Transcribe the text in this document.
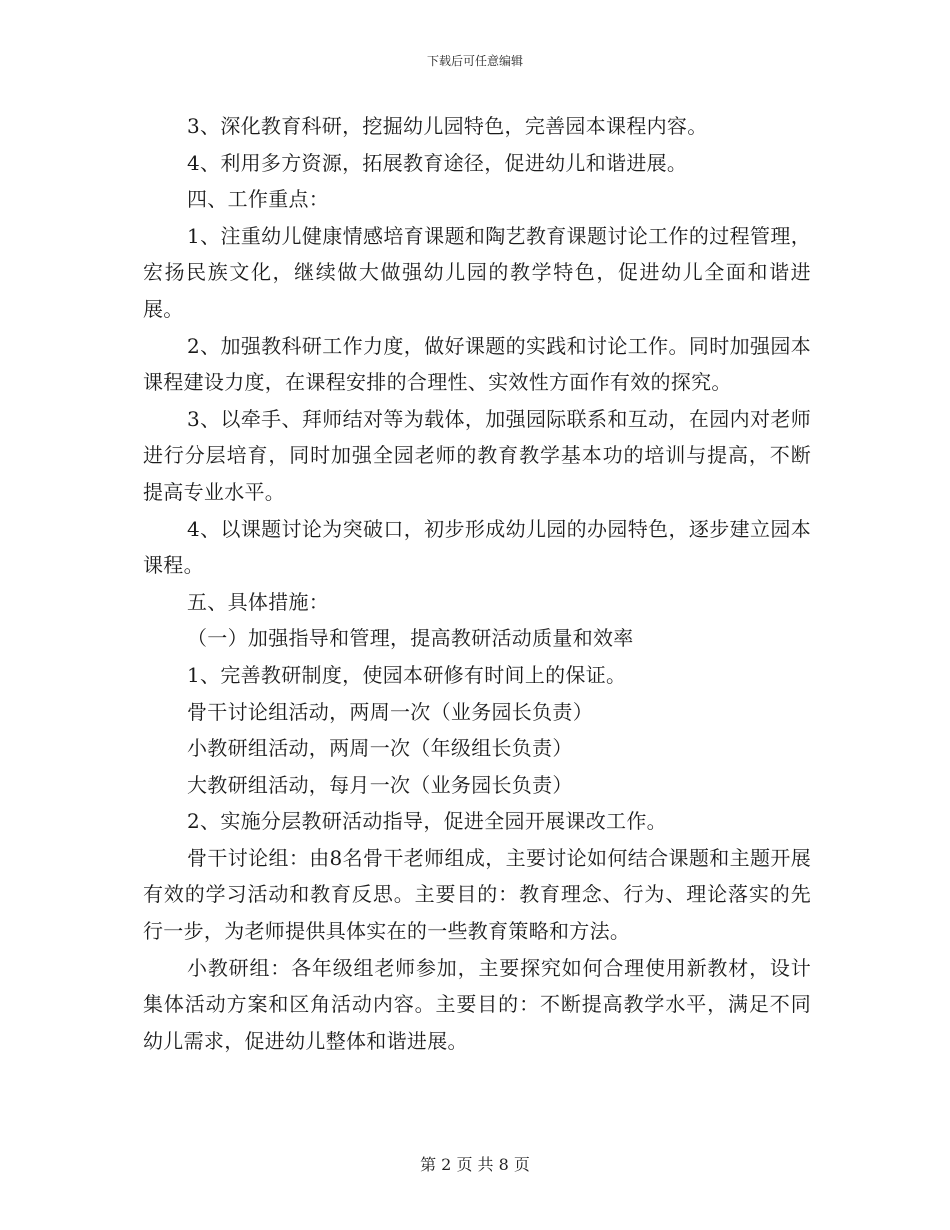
下载后可任意编辑

3、深化教育科研，挖掘幼儿园特色，完善园本课程内容。

4、利用多方资源，拓展教育途径，促进幼儿和谐进展。

四、工作重点：

1、注重幼儿健康情感培育课题和陶艺教育课题讨论工作的过程管理，宏扬民族文化，继续做大做强幼儿园的教学特色，促进幼儿全面和谐进展。

2、加强教科研工作力度，做好课题的实践和讨论工作。同时加强园本课程建设力度，在课程安排的合理性、实效性方面作有效的探究。

3、以牵手、拜师结对等为载体，加强园际联系和互动，在园内对老师进行分层培育，同时加强全园老师的教育教学基本功的培训与提高，不断提高专业水平。

4、以课题讨论为突破口，初步形成幼儿园的办园特色，逐步建立园本课程。

五、具体措施：

（一）加强指导和管理，提高教研活动质量和效率

1、完善教研制度，使园本研修有时间上的保证。

骨干讨论组活动，两周一次（业务园长负责）

小教研组活动，两周一次（年级组长负责）

大教研组活动，每月一次（业务园长负责）

2、实施分层教研活动指导，促进全园开展课改工作。

骨干讨论组：由8名骨干老师组成，主要讨论如何结合课题和主题开展有效的学习活动和教育反思。主要目的：教育理念、行为、理论落实的先行一步，为老师提供具体实在的一些教育策略和方法。

小教研组：各年级组老师参加，主要探究如何合理使用新教材，设计集体活动方案和区角活动内容。主要目的：不断提高教学水平，满足不同幼儿需求，促进幼儿整体和谐进展。

第 2 页 共 8 页
